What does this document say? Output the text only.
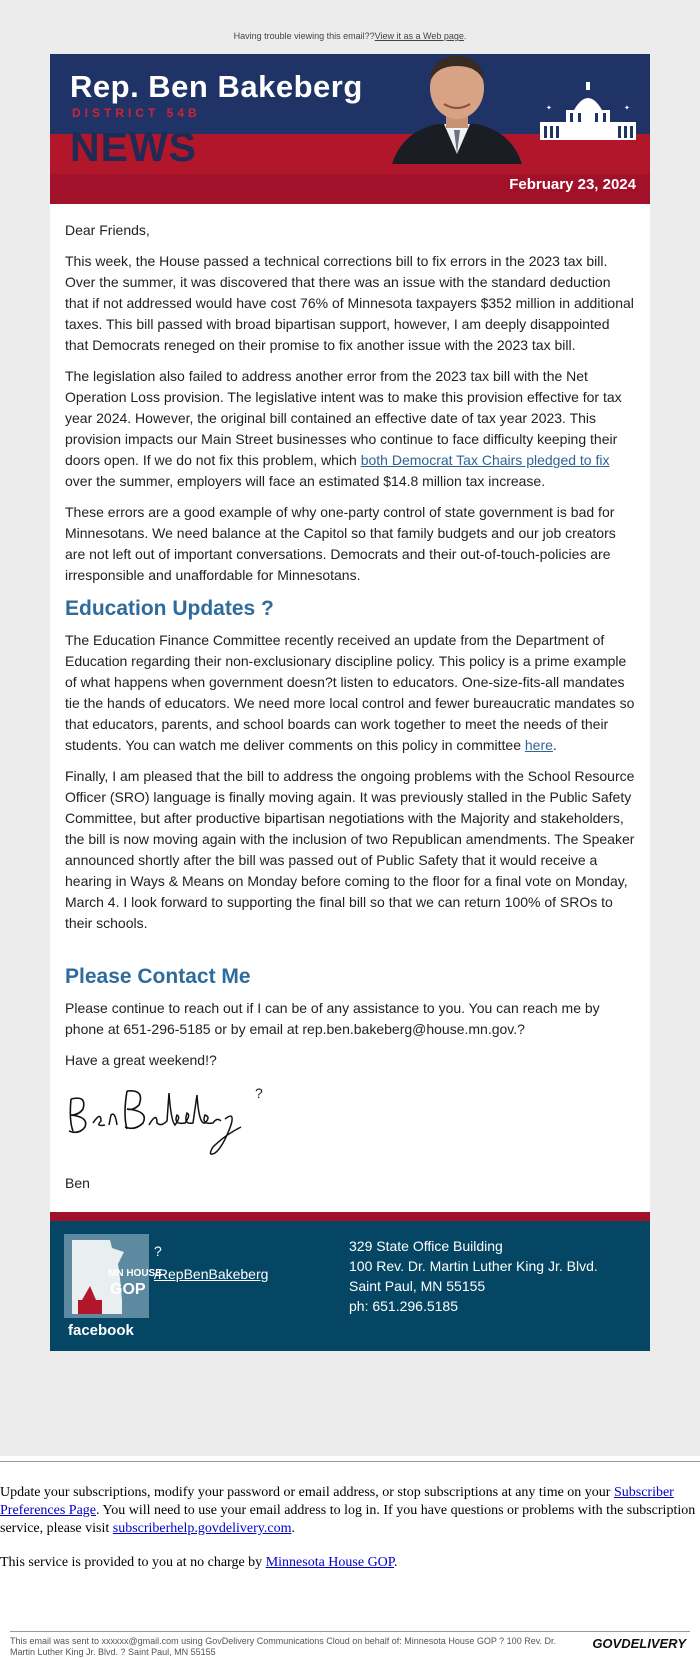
Having trouble viewing this email??View it as a Web page.
Rep. Ben Bakeberg
DISTRICT 54B
NEWS
✦	✦
February 23, 2024

Dear Friends,

This week, the House passed a technical corrections bill to fix errors in the 2023 tax bill. Over the summer, it was discovered that there was an issue with the standard deduction that if not addressed would have cost 76% of Minnesota taxpayers $352 million in additional taxes. This bill passed with broad bipartisan support, however, I am deeply disappointed that Democrats reneged on their promise to fix another issue with the 2023 tax bill.

The legislation also failed to address another error from the 2023 tax bill with the Net Operation Loss provision. The legislative intent was to make this provision effective for tax year 2024. However, the original bill contained an effective date of tax year 2023. This provision impacts our Main Street businesses who continue to face difficulty keeping their doors open. If we do not fix this problem, which both Democrat Tax Chairs pledged to fix over the summer, employers will face an estimated $14.8 million tax increase.

These errors are a good example of why one-party control of state government is bad for Minnesotans. We need balance at the Capitol so that family budgets and our job creators are not left out of important conversations. Democrats and their out-of-touch-policies are irresponsible and unaffordable for Minnesotans.

Education Updates ?

The Education Finance Committee recently received an update from the Department of Education regarding their non-exclusionary discipline policy. This policy is a prime example of what happens when government doesn?t listen to educators. One-size-fits-all mandates tie the hands of educators. We need more local control and fewer bureaucratic mandates so that educators, parents, and school boards can work together to meet the needs of their students. You can watch me deliver comments on this policy in committee here.

Finally, I am pleased that the bill to address the ongoing problems with the School Resource Officer (SRO) language is finally moving again. It was previously stalled in the Public Safety Committee, but after productive bipartisan negotiations with the Majority and stakeholders, the bill is now moving again with the inclusion of two Republican amendments. The Speaker announced shortly after the bill was passed out of Public Safety that it would receive a hearing in Ways & Means on Monday before coming to the floor for a final vote on Monday, March 4. I look forward to supporting the final bill so that we can return 100% of SROs to their schools.

Please Contact Me

Please continue to reach out if I can be of any assistance to you. You can reach me by phone at 651-296-5185 or by email at rep.ben.bakeberg@house.mn.gov.?

Have a great weekend!?

?

Ben

MN HOUSE
GOP
facebook
?
/RepBenBakeberg
329 State Office Building
100 Rev. Dr. Martin Luther King Jr. Blvd.
Saint Paul, MN 55155
ph: 651.296.5185
Update your subscriptions, modify your password or email address, or stop subscriptions at any time on your Subscriber Preferences Page. You will need to use your email address to log in. If you have questions or problems with the subscription service, please visit subscriberhelp.govdelivery.com.
This service is provided to you at no charge by Minnesota House GOP.
This email was sent to xxxxxx@gmail.com using GovDelivery Communications Cloud on behalf of: Minnesota House GOP ? 100 Rev. Dr. Martin Luther King Jr. Blvd. ? Saint Paul, MN 55155
GOVDELIVERY
